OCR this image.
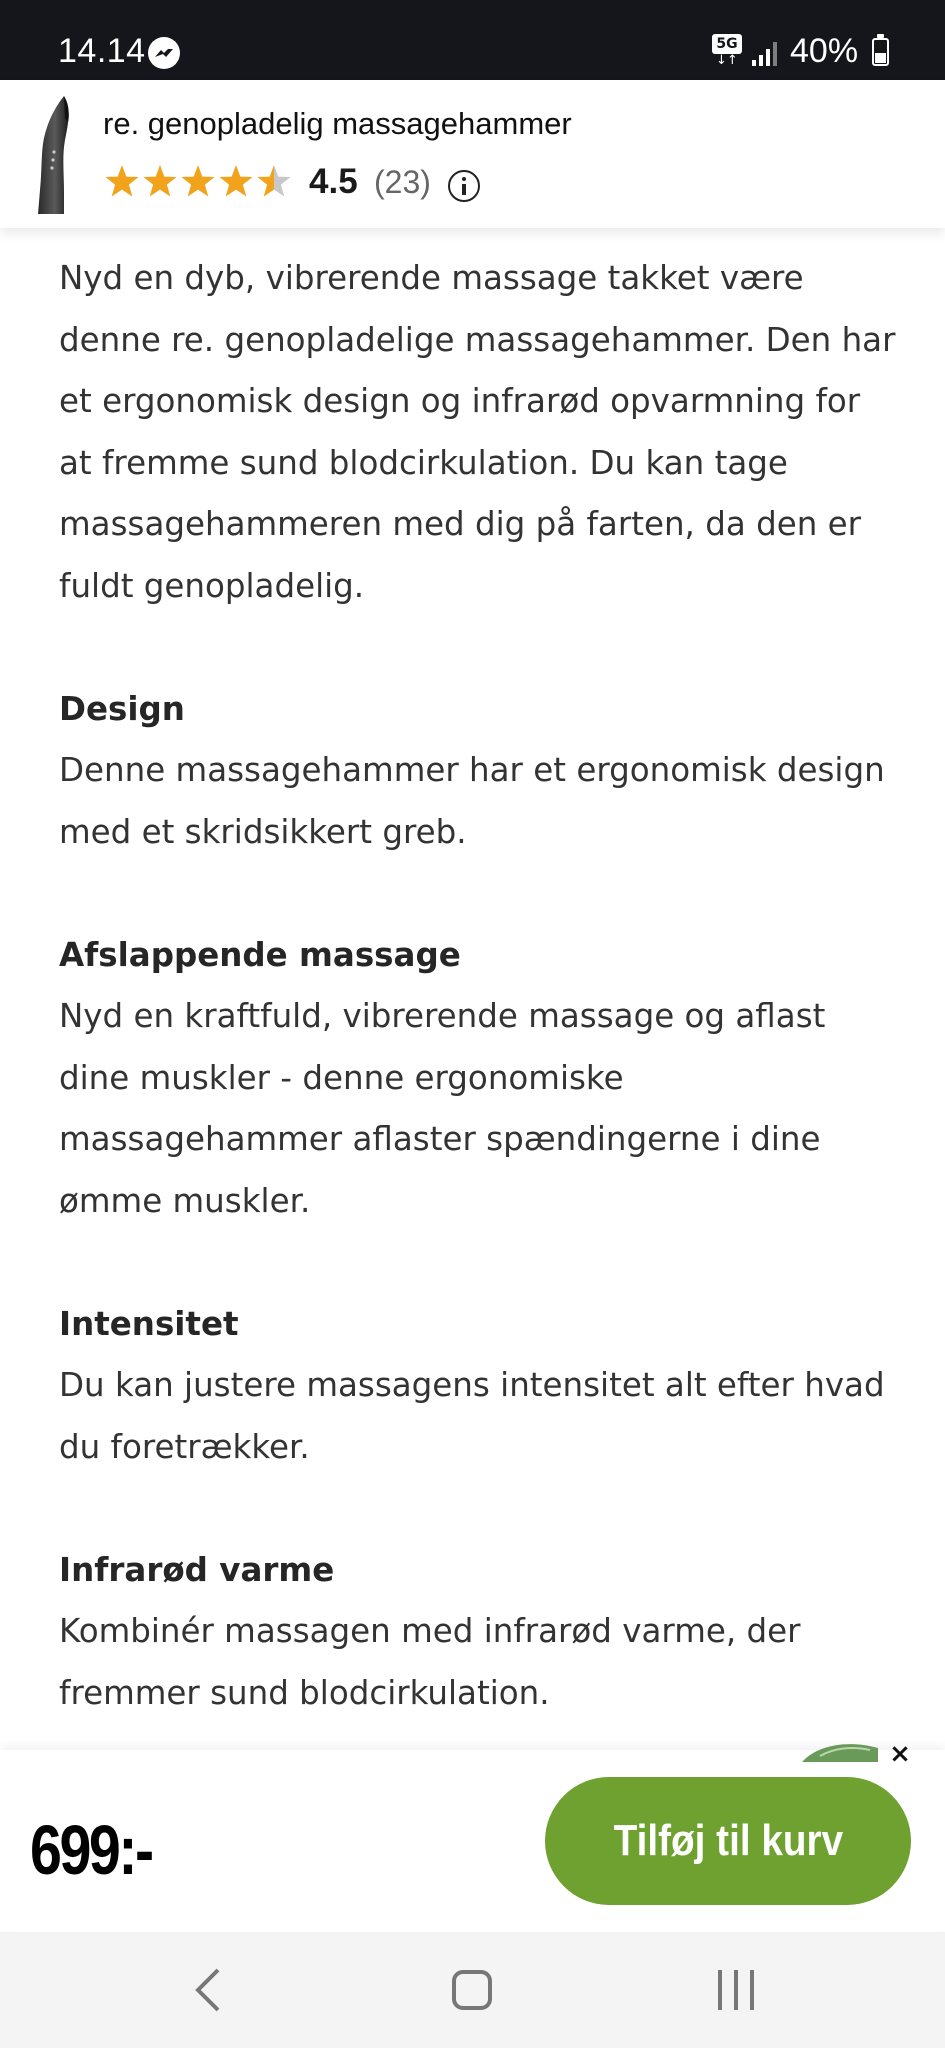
14.14	5G
↓↑ 40%
re. genopladelig massagehammer
4.5 (23)

Nyd en dyb, vibrerende massage takket være
denne re. genopladelige massagehammer. Den har
et ergonomisk design og infrarød opvarmning for
at fremme sund blodcirkulation. Du kan tage
massagehammeren med dig på farten, da den er
fuldt genopladelig.

Design

Denne massagehammer har et ergonomisk design
med et skridsikkert greb.

Afslappende massage

Nyd en kraftfuld, vibrerende massage og aflast
dine muskler - denne ergonomiske
massagehammer aflaster spændingerne i dine
ømme muskler.

Intensitet

Du kan justere massagens intensitet alt efter hvad
du foretrækker.

Infrarød varme

Kombinér massagen med infrarød varme, der
fremmer sund blodcirkulation.

×
699:-	Tilføj til kurv
